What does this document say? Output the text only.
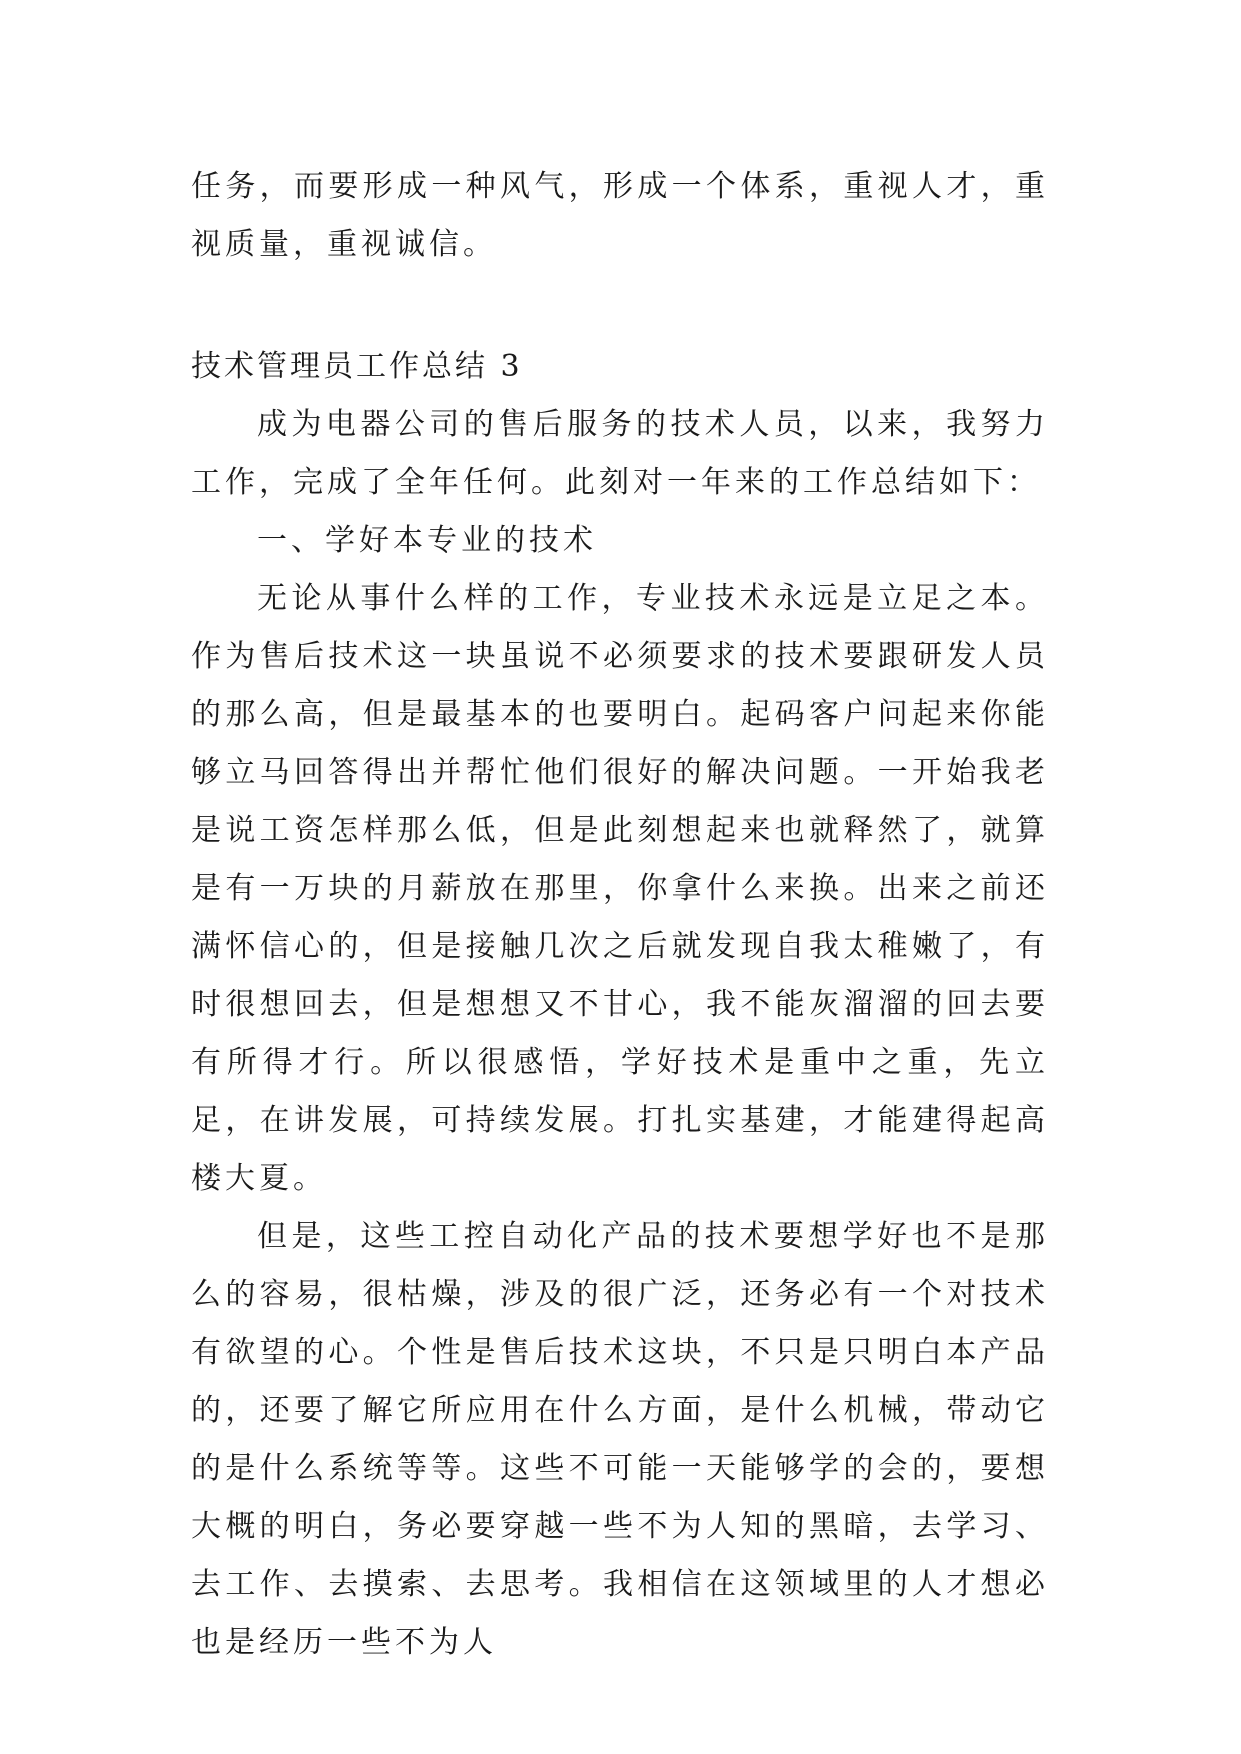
任务，而要形成一种风气，形成一个体系，重视人才，重视质量，重视诚信。

技术管理员工作总结 3

成为电器公司的售后服务的技术人员，以来，我努力工作，完成了全年任何。此刻对一年来的工作总结如下：

一、学好本专业的技术

无论从事什么样的工作，专业技术永远是立足之本。作为售后技术这一块虽说不必须要求的技术要跟研发人员的那么高，但是最基本的也要明白。起码客户问起来你能够立马回答得出并帮忙他们很好的解决问题。一开始我老是说工资怎样那么低，但是此刻想起来也就释然了，就算是有一万块的月薪放在那里，你拿什么来换。出来之前还满怀信心的，但是接触几次之后就发现自我太稚嫩了，有时很想回去，但是想想又不甘心，我不能灰溜溜的回去要有所得才行。所以很感悟，学好技术是重中之重，先立足，在讲发展，可持续发展。打扎实基建，才能建得起高楼大夏。

但是，这些工控自动化产品的技术要想学好也不是那么的容易，很枯燥，涉及的很广泛，还务必有一个对技术有欲望的心。个性是售后技术这块，不只是只明白本产品的，还要了解它所应用在什么方面，是什么机械，带动它的是什么系统等等。这些不可能一天能够学的会的，要想大概的明白，务必要穿越一些不为人知的黑暗，去学习、去工作、去摸索、去思考。我相信在这领域里的人才想必也是经历一些不为人
